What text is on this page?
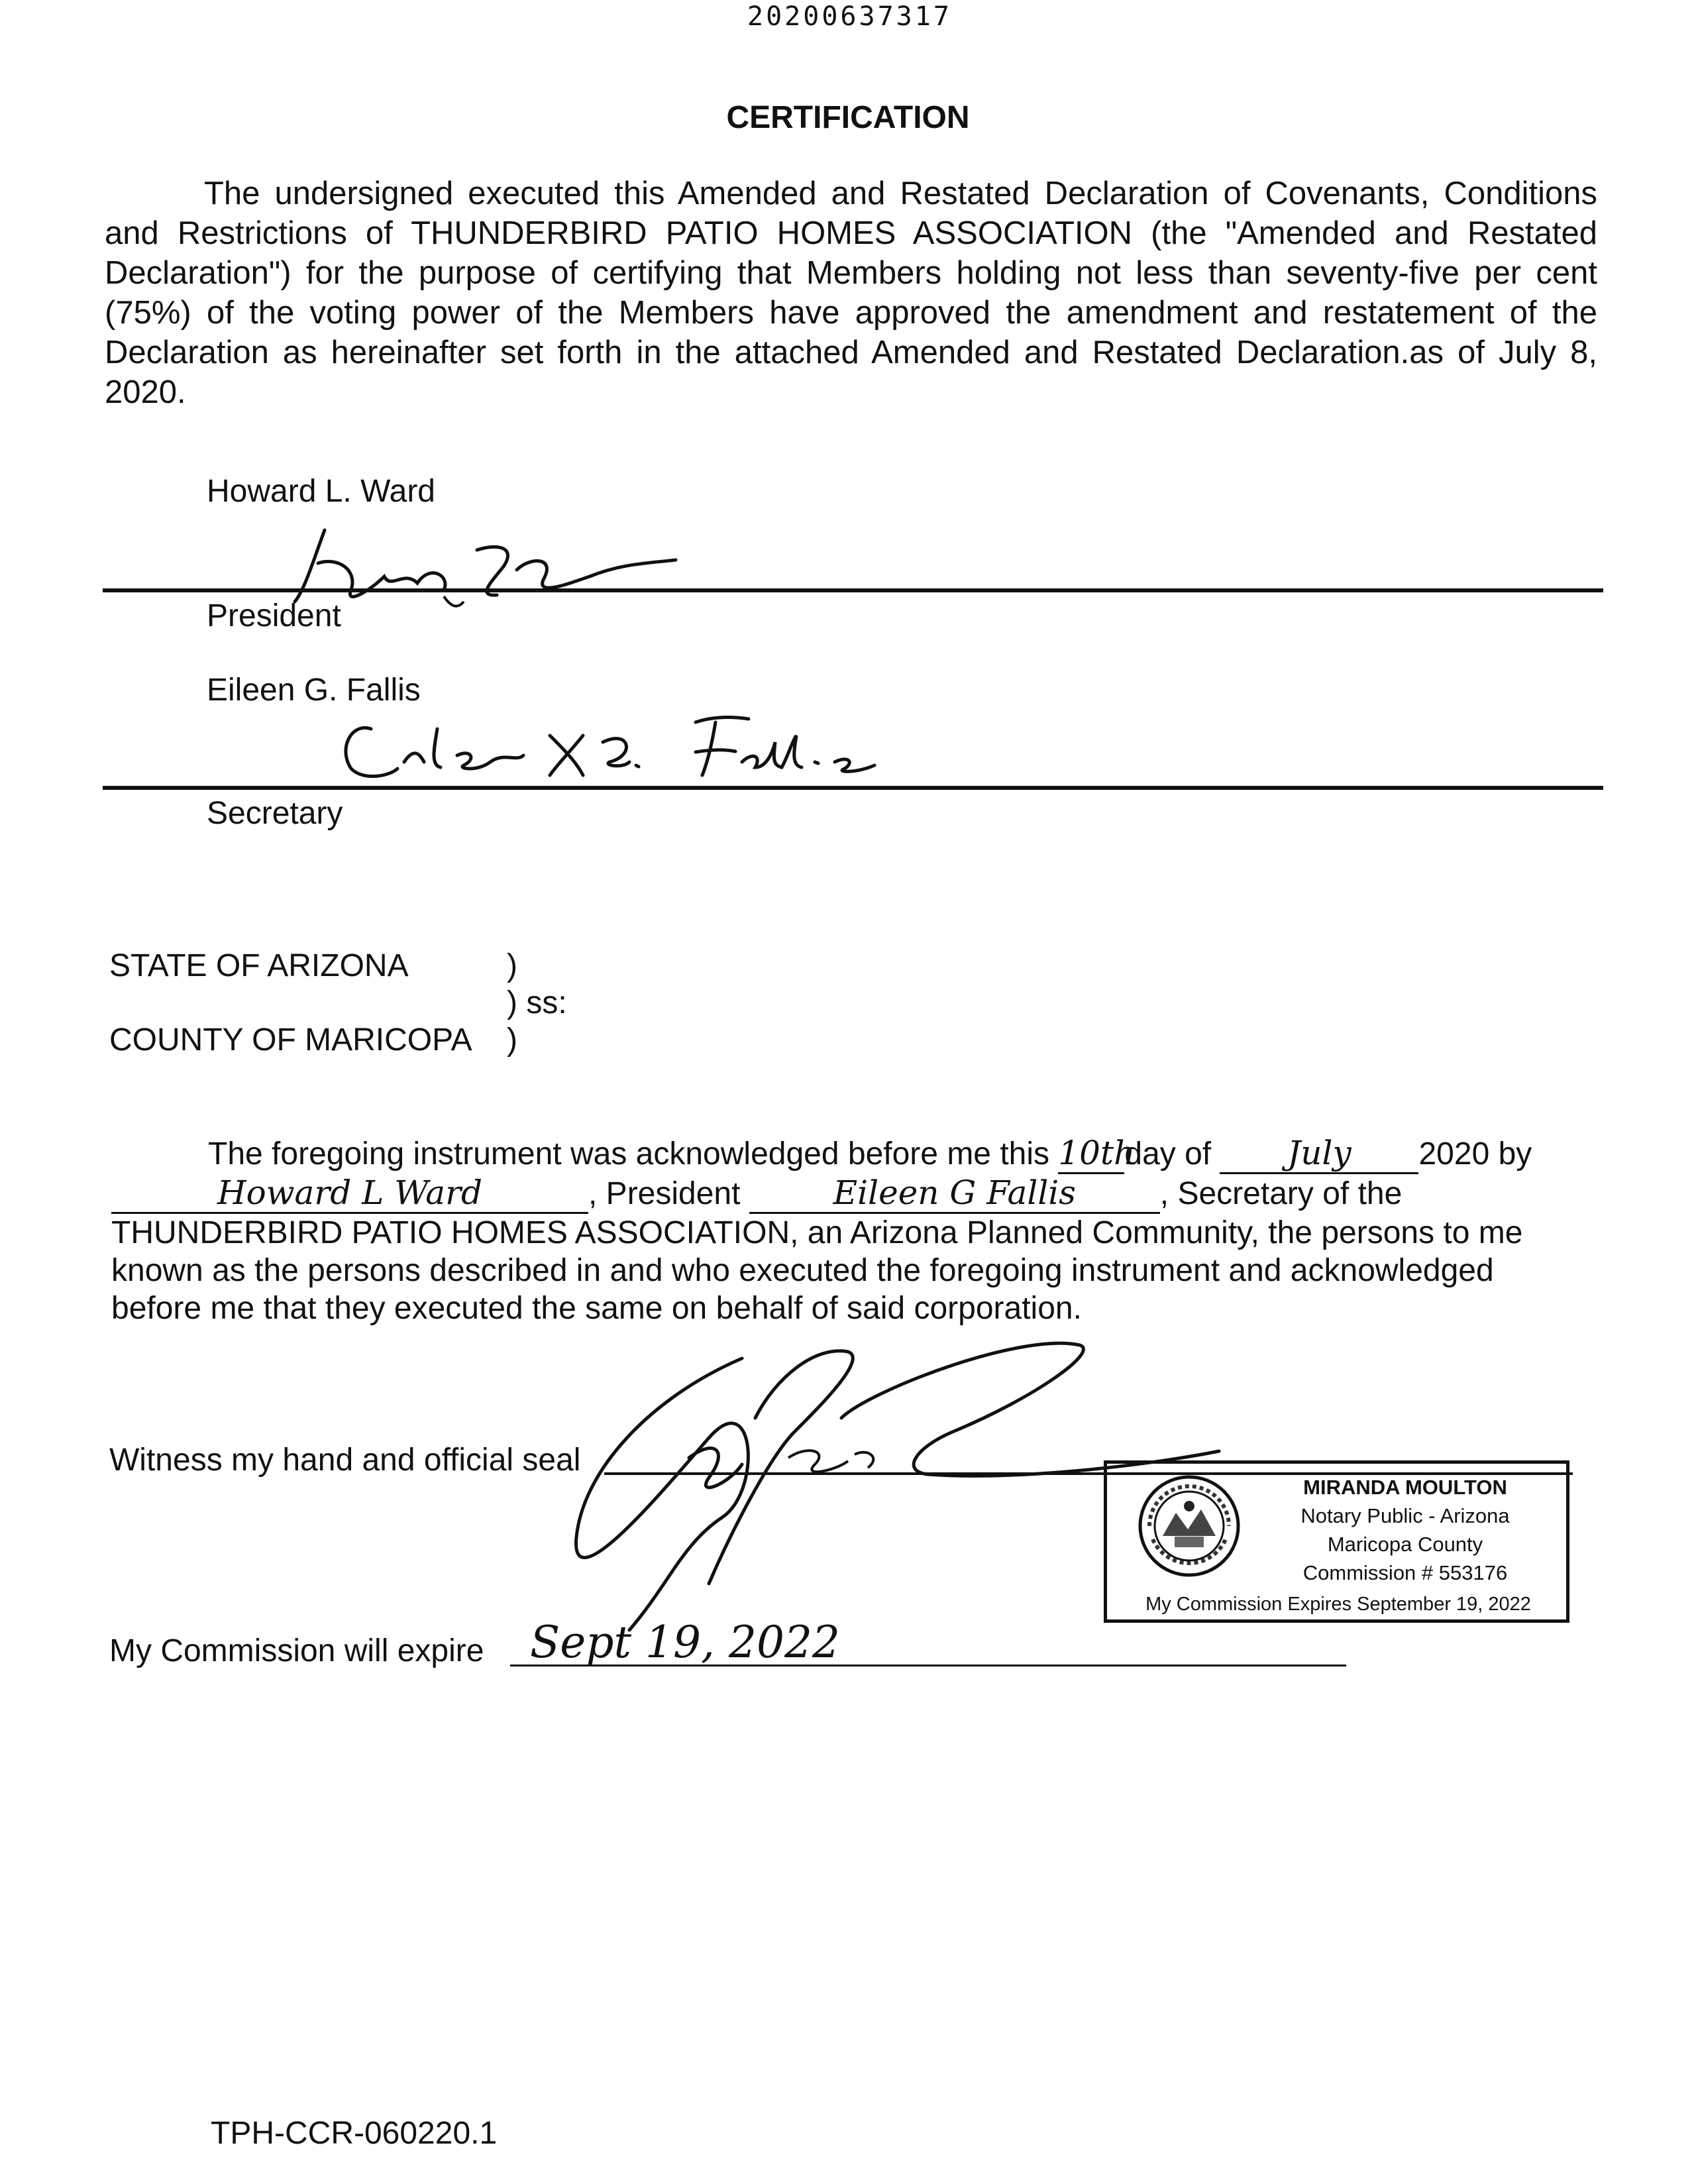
20200637317
CERTIFICATION
The undersigned executed this Amended and Restated Declaration of Covenants, Conditions and Restrictions of THUNDERBIRD PATIO HOMES ASSOCIATION (the "Amended and Restated Declaration") for the purpose of certifying that Members holding not less than seventy-five per cent (75%) of the voting power of the Members have approved the amendment and restatement of the Declaration as hereinafter set forth in the attached Amended and Restated Declaration.as of July 8, 2020.
Howard L. Ward
President
Eileen G. Fallis
Secretary
STATE OF ARIZONA	)
) ss:
COUNTY OF MARICOPA )
The foregoing instrument was acknowledged before me this 10thday of July 2020 by
Howard L Ward	, President	Eileen G Fallis	, Secretary of the
THUNDERBIRD PATIO HOMES ASSOCIATION, an Arizona Planned Community, the persons to me known as the persons described in and who executed the foregoing instrument and acknowledged before me that they executed the same on behalf of said corporation.
Witness my hand and official seal
MIRANDA MOULTON
Notary Public - Arizona
Maricopa County
Commission # 553176
My Commission Expires September 19, 2022
My Commission will expire Sept 19, 2022
TPH-CCR-060220.1
